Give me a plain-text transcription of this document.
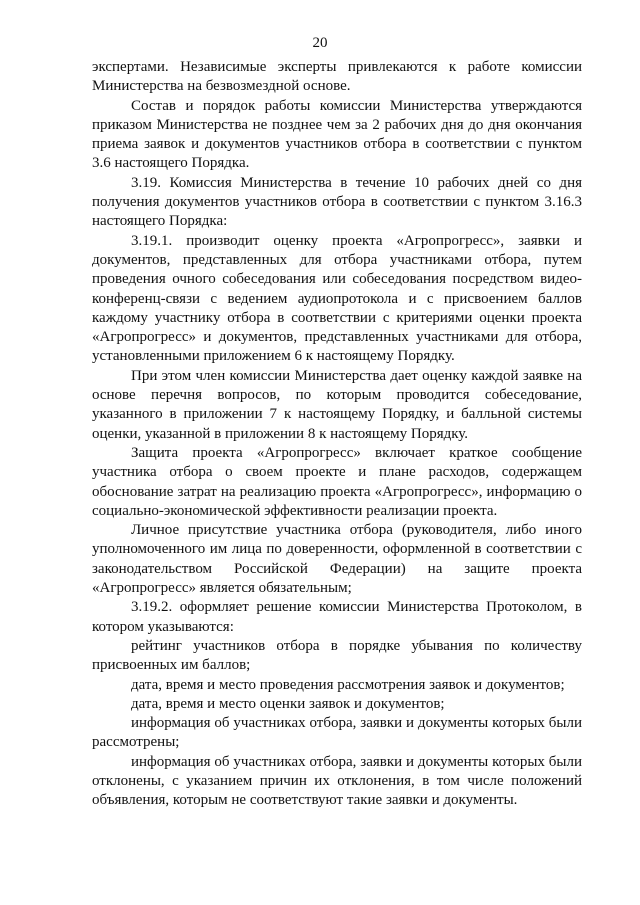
20

экспертами. Независимые эксперты привлекаются к работе комиссии Министерства на безвозмездной основе.

Состав и порядок работы комиссии Министерства утверждаются приказом Министерства не позднее чем за 2 рабочих дня до дня окончания приема заявок и документов участников отбора в соответствии с пунктом 3.6 настоящего Порядка.

3.19. Комиссия Министерства в течение 10 рабочих дней со дня получения документов участников отбора в соответствии с пунктом 3.16.3 настоящего Порядка:

3.19.1. производит оценку проекта «Агропрогресс», заявки и документов, представленных для отбора участниками отбора, путем проведения очного собеседования или собеседования посредством видео-конференц-связи с ведением аудиопротокола и с присвоением баллов каждому участнику отбора в соответствии с критериями оценки проекта «Агропрогресс» и документов, представленных участниками для отбора, установленными приложением 6 к настоящему Порядку.

При этом член комиссии Министерства дает оценку каждой заявке на основе перечня вопросов, по которым проводится собеседование, указанного в приложении 7 к настоящему Порядку, и балльной системы оценки, указанной в приложении 8 к настоящему Порядку.

Защита проекта «Агропрогресс» включает краткое сообщение участника отбора о своем проекте и плане расходов, содержащем обоснование затрат на реализацию проекта «Агропрогресс», информацию о социально-экономической эффективности реализации проекта.

Личное присутствие участника отбора (руководителя, либо иного уполномоченного им лица по доверенности, оформленной в соответствии с законодательством Российской Федерации) на защите проекта «Агропрогресс» является обязательным;

3.19.2. оформляет решение комиссии Министерства Протоколом, в котором указываются:

рейтинг участников отбора в порядке убывания по количеству присвоенных им баллов;

дата, время и место проведения рассмотрения заявок и документов;

дата, время и место оценки заявок и документов;

информация об участниках отбора, заявки и документы которых были рассмотрены;

информация об участниках отбора, заявки и документы которых были отклонены, с указанием причин их отклонения, в том числе положений объявления, которым не соответствуют такие заявки и документы.
